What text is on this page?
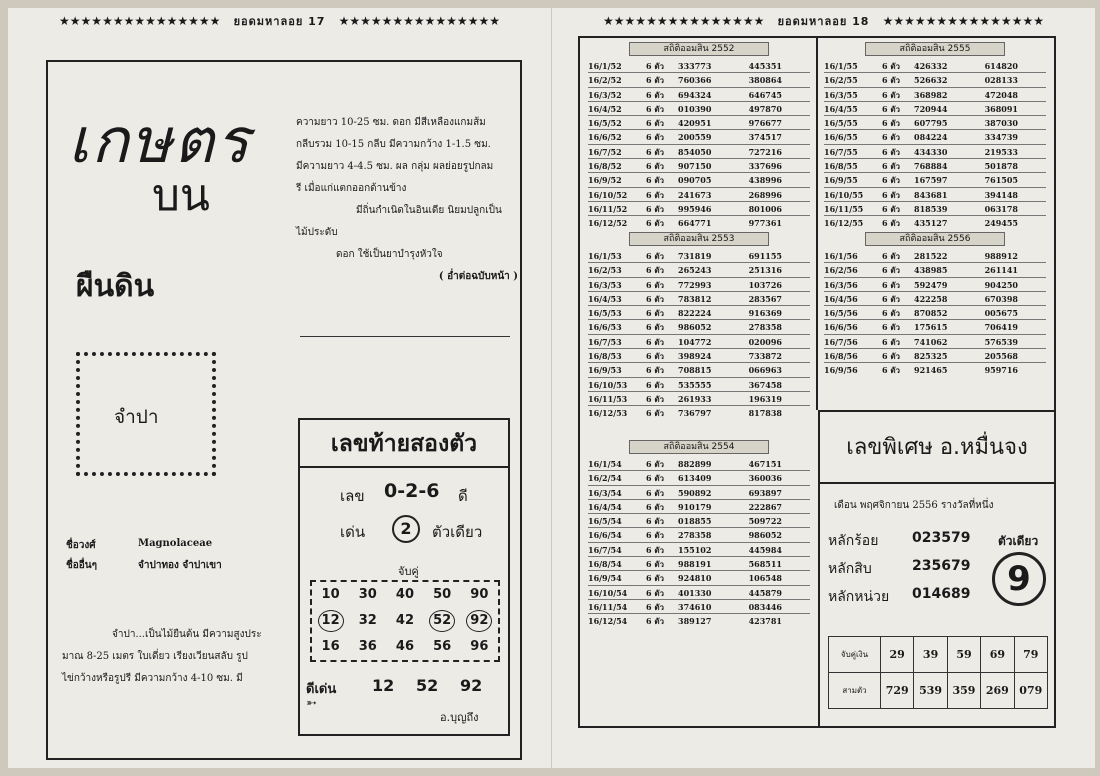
★★★★★★★★★★★★★★★ ยอดมหาลอย 17 ★★★★★★★★★★★★★★★
เกษตร
บน
ผืนดิน
จำปา
ความยาว 10-25 ซม. ดอก มีสีเหลืองแกมส้ม
กลีบรวม 10-15 กลีบ มีความกว้าง 1-1.5 ซม.
มีความยาว 4-4.5 ซม. ผล กลุ่ม ผลย่อยรูปกลม
รี เมื่อแก่แตกออกด้านข้าง
มีถิ่นกำเนิดในอินเดีย นิยมปลูกเป็น
ไม้ประดับ
ดอก ใช้เป็นยาบำรุงหัวใจ
( อ่ำต่อฉบับหน้า )
ชื่อวงศ์	Magnolaceae
ชื่ออื่นๆ	จำปาทอง จำปาเขา
จำปา...เป็นไม้ยืนต้น มีความสูงประ
มาณ 8-25 เมตร ใบเดี่ยว เรียงเวียนสลับ รูป
ไข่กว้างหรือรูปรี มีความกว้าง 4-10 ซม. มี
เลขท้ายสองตัว
เลข 0-2-6 ดี
เด่น	2	ตัวเดียว
จับคู่
10	30	40	50	90
12	32	42	52	92
16	36	46	56	96
ดีเด่น
➵
12 52 92
อ.บุญถึง
★★★★★★★★★★★★★★★ ยอดมหาลอย 18 ★★★★★★★★★★★★★★★
สถิติออมสิน 2552
16/1/52	6 ตัว	333773	445351
16/2/52	6 ตัว	760366	380864
16/3/52	6 ตัว	694324	646745
16/4/52	6 ตัว	010390	497870
16/5/52	6 ตัว	420951	976677
16/6/52	6 ตัว	200559	374517
16/7/52	6 ตัว	854050	727216
16/8/52	6 ตัว	907150	337696
16/9/52	6 ตัว	090705	438996
16/10/52	6 ตัว	241673	268996
16/11/52	6 ตัว	995946	801006
16/12/52	6 ตัว	664771	977361
สถิติออมสิน 2553
16/1/53	6 ตัว	731819	691155
16/2/53	6 ตัว	265243	251316
16/3/53	6 ตัว	772993	103726
16/4/53	6 ตัว	783812	283567
16/5/53	6 ตัว	822224	916369
16/6/53	6 ตัว	986052	278358
16/7/53	6 ตัว	104772	020096
16/8/53	6 ตัว	398924	733872
16/9/53	6 ตัว	708815	066963
16/10/53	6 ตัว	535555	367458
16/11/53	6 ตัว	261933	196319
16/12/53	6 ตัว	736797	817838
สถิติออมสิน 2554
16/1/54	6 ตัว	882899	467151
16/2/54	6 ตัว	613409	360036
16/3/54	6 ตัว	590892	693897
16/4/54	6 ตัว	910179	222867
16/5/54	6 ตัว	018855	509722
16/6/54	6 ตัว	278358	986052
16/7/54	6 ตัว	155102	445984
16/8/54	6 ตัว	988191	568511
16/9/54	6 ตัว	924810	106548
16/10/54	6 ตัว	401330	445879
16/11/54	6 ตัว	374610	083446
16/12/54	6 ตัว	389127	423781
สถิติออมสิน 2555
16/1/55	6 ตัว	426332	614820
16/2/55	6 ตัว	526632	028133
16/3/55	6 ตัว	368982	472048
16/4/55	6 ตัว	720944	368091
16/5/55	6 ตัว	607795	387030
16/6/55	6 ตัว	084224	334739
16/7/55	6 ตัว	434330	219533
16/8/55	6 ตัว	768884	501878
16/9/55	6 ตัว	167597	761505
16/10/55	6 ตัว	843681	394148
16/11/55	6 ตัว	818539	063178
16/12/55	6 ตัว	435127	249455
สถิติออมสิน 2556
16/1/56	6 ตัว	281522	988912
16/2/56	6 ตัว	438985	261141
16/3/56	6 ตัว	592479	904250
16/4/56	6 ตัว	422258	670398
16/5/56	6 ตัว	870852	005675
16/6/56	6 ตัว	175615	706419
16/7/56	6 ตัว	741062	576539
16/8/56	6 ตัว	825325	205568
16/9/56	6 ตัว	921465	959716
เลขพิเศษ อ.หมื่นจง
เดือน พฤศจิกายน 2556 รางวัลที่หนึ่ง
หลักร้อย 023579
หลักสิบ	235679
หลักหน่วย 014689
ตัวเดียว
9
จับคู่เงิน	29	39	59	69	79
สามตัว	729	539	359	269	079
